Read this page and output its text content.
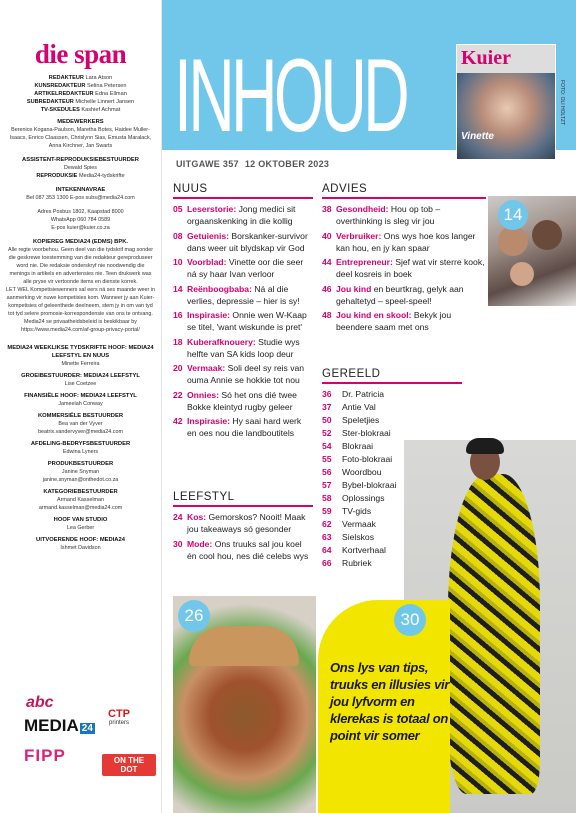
die span
REDAKTEUR Lara Atson
KUNSREDAKTEUR Selina Petersen
ARTIKELREDAKTEUR Edna Ellman
SUBREDAKTEUR Michelle Linnert Jansen
TV-SKEDULES Kashief Achmat
MEDEWERKERS
Berenice Kogana-Paulson, Maretha Botes, Haidee Muller-Isaacs, Enrico Claassen, Chrislynn Sias, Emusta Maralack, Anna Kirchner, Jan Swarts
ASSISTENT-REPRODUKSIEBESTUURDER
Dewald Spies
REPRODUKSIE Media24-tydskrifte
INTEKENNAVRAE
Bel 087 353 1300 E-pos subs@media24.com
Adres Posbus 1802, Kaapstad 8000
WhatsApp 060 784 0589
E-pos kuier@kuier.co.za
KOPIEREG MEDIA24 (EDMS) BPK.
Alle regte voorbehou. Geen deel van die tydskrif mag sonder die geskrewe toestemming van die redakteur gereproduseer word nie. Die redaksie onderskryf nie noodwendig die menings in artikels en advertensies nie. Teen drukwerk was alle pryse vir vertoonde items en dienste korrek.
LET WEL Kompetisiewenners sal eers ná ses maande weer in aanmerking vir nuwe kompetisies kom. Wanneer jy aan Kuier-kompetisies of geleenthede deelneem, stem jy in om van tyd tot tyd selere promosie-korrespondensie van ons te ontvang. Media24 se privaatheidsbeleid is beskikbaar by https://www.media24.com/af-group-privacy-portal/
MEDIA24 WEEKLIKSE TYDSKRIFTE HOOF: MEDIA24 LEEFSTYL EN NUUS
Minette Ferreira
GROEIBESTUURDER: MEDIA24 LEEFSTYL
Lise Coetzee
FINANSIËLE HOOF: MEDIA24 LEEFSTYL
Jameelah Conway
KOMMERSIËLE BESTUURDER
Bea van der Vyver
beatrix.vandervyver@media24.com
AFDELING-BEDRYFSBESTUURDER
Edwina Lyners
PRODUKBESTUURDER
Janine Snyman
janine.snyman@onthedot.co.za
KATEGORIEBESTUURDER
Armand Kasselman
armand.kasselman@media24.com
HOOF VAN STUDIO
Lea Gerber
UITVOERENDE HOOF: MEDIA24
Ishmet Davidson
abc
MEDIA 24
CTP
printers
FIPP	ON THE DOT
INHOUD	Kuier
Vinette
FOTO: OLI HOLTZT
UITGAWE 357 12 OKTOBER 2023
NUUS
05 Leserstorie: Jong medici sit orgaanskenking in die kollig
08 Getuienis: Borskanker-survivor dans weer uit blydskap vir God
10 Voorblad: Vinette oor die seer ná sy haar Ivan verloor
14 Reënboogbaba: Ná al die verlies, depressie – hier is sy!
16 Inspirasie: Onnie wen W-Kaap se titel, 'want wiskunde is pret'
18 Kuberafknouery: Studie wys helfte van SA kids loop deur
20 Vermaak: Soli deel sy reis van ouma Annie se hokkie tot nou
22 Onnies: Só het ons dié twee Bokke kleintyd rugby geleer
42 Inspirasie: Hy saai hard werk en oes nou die landboutitels
LEEFSTYL
24 Kos: Gemorskos? Nooit! Maak jou takeaways só gesonder
30 Mode: Ons truuks sal jou koel én cool hou, nes dié celebs wys
ADVIES
38 Gesondheid: Hou op tob – overthinking is sleg vir jou
40 Verbruiker: Ons wys hoe kos langer kan hou, en jy kan spaar
44 Entrepreneur: Sjef wat vir sterre kook, deel kosreis in boek
46 Jou kind en beurtkrag, gelyk aan gehaltetyd – speel-speel!
48 Jou kind en skool: Bekyk jou beendere saam met ons
14
GEREELD
36	Dr. Patricia
37	Antie Val
50	Speletjies
52	Ster-blokraai
54	Blokraai
55	Foto-blokraai
56	Woordbou
57	Bybel-blokraai
58	Oplossings
59	TV-gids
62	Vermaak
63	Sielskos
64	Kortverhaal
66	Rubriek
26	30
Ons lys van tips, truuks en illusies vir jou lyfvorm en klerekas is totaal on point vir somer
